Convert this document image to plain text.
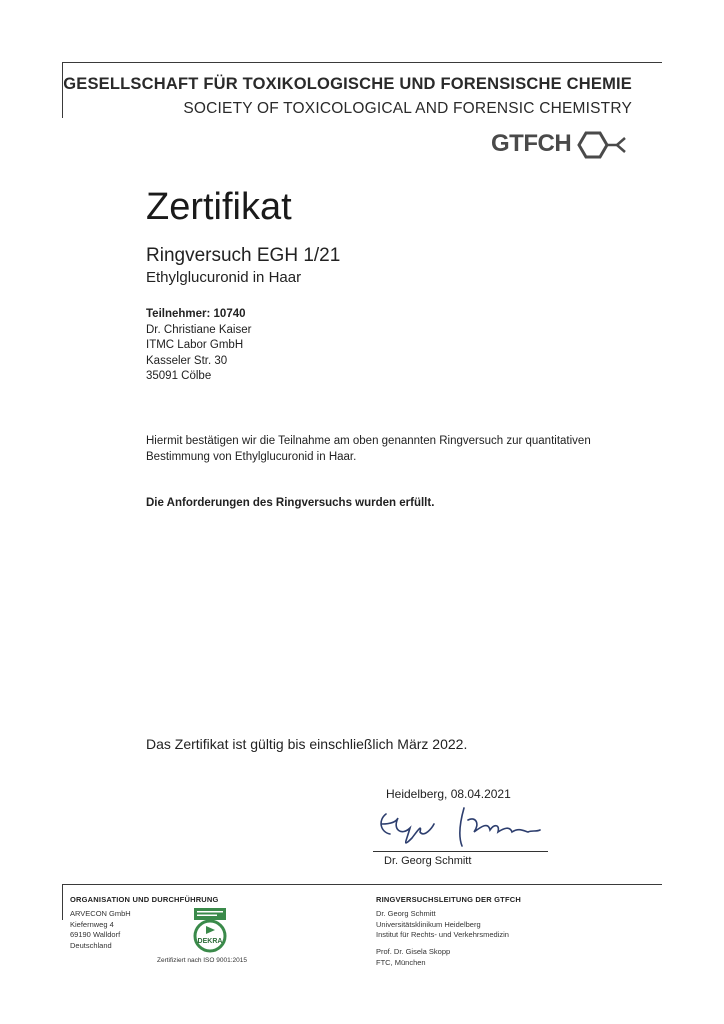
GESELLSCHAFT FÜR TOXIKOLOGISCHE UND FORENSISCHE CHEMIE
SOCIETY OF TOXICOLOGICAL AND FORENSIC CHEMISTRY
GTFCH
Zertifikat
Ringversuch EGH 1/21
Ethylglucuronid in Haar
Teilnehmer: 10740
Dr. Christiane Kaiser
ITMC Labor GmbH
Kasseler Str. 30
35091 Cölbe
Hiermit bestätigen wir die Teilnahme am oben genannten Ringversuch zur quantitativen
Bestimmung von Ethylglucuronid in Haar.
Die Anforderungen des Ringversuchs wurden erfüllt.
Das Zertifikat ist gültig bis einschließlich März 2022.
Heidelberg, 08.04.2021
Dr. Georg Schmitt
ORGANISATION UND DURCHFÜHRUNG
ARVECON GmbH
Kiefernweg 4
69190 Walldorf
Deutschland	DEKRA
Zertifiziert nach ISO 9001:2015
RINGVERSUCHSLEITUNG DER GTFCH
Dr. Georg Schmitt
Universitätsklinikum Heidelberg
Institut für Rechts- und Verkehrsmedizin
Prof. Dr. Gisela Skopp
FTC, München
